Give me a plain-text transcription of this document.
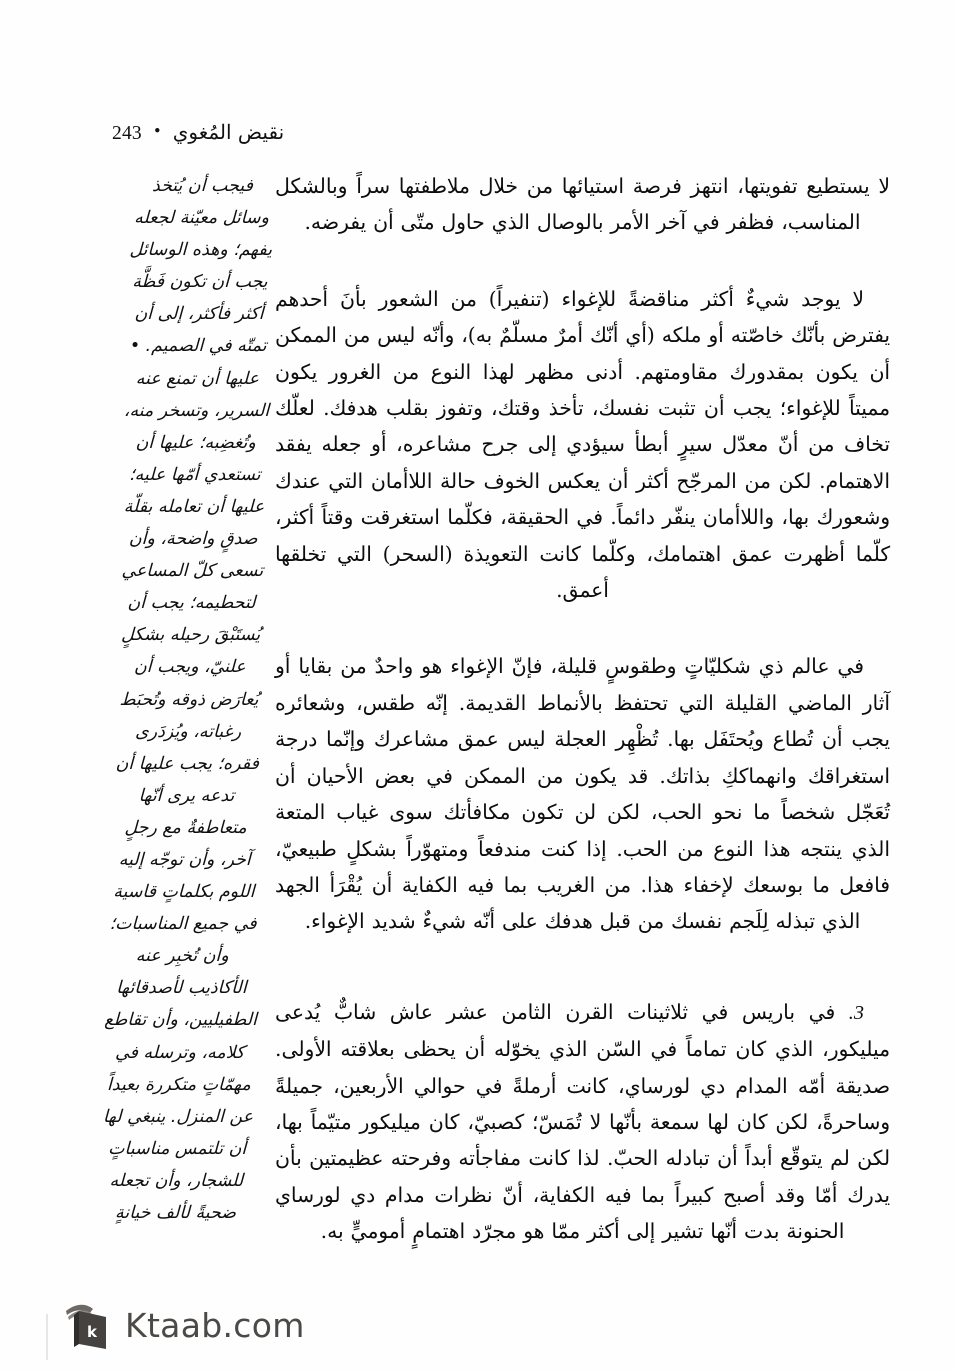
243 • نقيض المُغوي

لا يستطيع تفويتها، انتهز فرصة استيائها من خلال ملاطفتها سراً وبالشكل المناسب، فظفر في آخر الأمر بالوصال الذي حاول متّى أن يفرضه.

لا يوجد شيءٌ أكثر مناقضةً للإغواء (تنفيراً) من الشعور بأنَ أحدهم يفترض بأنّك خاصّته أو ملكه (أي أنّك أمرٌ مسلّمٌ به)، وأنّه ليس من الممكن أن يكون بمقدورك مقاومتهم. أدنى مظهر لهذا النوع من الغرور يكون مميتاً للإغواء؛ يجب أن تثبت نفسك، تأخذ وقتك، وتفوز بقلب هدفك. لعلّك تخاف من أنّ معدّل سيرٍ أبطأ سيؤدي إلى جرح مشاعره، أو جعله يفقد الاهتمام. لكن من المرجّح أكثر أن يعكس الخوف حالة اللاأمان التي عندك وشعورك بها، واللاأمان ينفّر دائماً. في الحقيقة، فكلّما استغرقت وقتاً أكثر، كلّما أظهرت عمق اهتمامك، وكلّما كانت التعويذة (السحر) التي تخلقها أعمق.

في عالم ذي شكليّاتٍ وطقوسٍ قليلة، فإنّ الإغواء هو واحدٌ من بقايا أو آثار الماضي القليلة التي تحتفظ بالأنماط القديمة. إنّه طقس، وشعائره يجب أن تُطاع ويُحتَفَل بها. تُظْهِر العجلة ليس عمق مشاعرك وإنّما درجة استغراقك وانهماككِ بذاتك. قد يكون من الممكن في بعض الأحيان أن تُعَجّل شخصاً ما نحو الحب، لكن لن تكون مكافأتك سوى غياب المتعة الذي ينتجه هذا النوع من الحب. إذا كنت مندفعاً ومتهوّراً بشكلٍ طبيعيّ، فافعل ما بوسعك لإخفاء هذا. من الغريب بما فيه الكفاية أن يُقْرَأ الجهد الذي تبذله لِلَجم نفسك من قبل هدفك على أنّه شيءٌ شديد الإغواء.

3. في باريس في ثلاثينات القرن الثامن عشر عاش شابٌّ يُدعى ميليكور، الذي كان تماماً في السّن الذي يخوّله أن يحظى بعلاقته الأولى. صديقة أمّه المدام دي لورساي، كانت أرملةً في حوالي الأربعين، جميلةً وساحرةً، لكن كان لها سمعة بأنّها لا تُمَسّ؛ كصبيّ، كان ميليكور متيّماً بها، لكن لم يتوقّع أبداً أن تبادله الحبّ. لذا كانت مفاجأته وفرحته عظيمتين بأن يدرك أمّا وقد أصبح كبيراً بما فيه الكفاية، أنّ نظرات مدام دي لورساي الحنونة بدت أنّها تشير إلى أكثر ممّا هو مجرّد اهتمامٍ أموميٍّ به.

فيجب أن يُتخذ
وسائل معيّنة لجعله
يفهم؛ وهذه الوسائل
يجب أن تكون فَظَّة
أكثر فأكثر، إلى أن
تمتّه في الصميم. •
عليها أن تمنع عنه
السرير، وتسخر منه،
وتُغضِبه؛ عليها أن
تستعدي أمّها عليه؛
عليها أن تعامله بقلّة
صدقٍ واضحة، وأن
تسعى كلّ المساعي
لتحطيمه؛ يجب أن
يُستَبْقَ رحيله بشكلٍ
علنيّ، ويجب أن
يُعارَض ذوقه وتُحبَط
رغباته، ويُزدَرى
فقره؛ يجب عليها أن
تدعه يرى أنّها
متعاطفةٌ مع رجلٍ
آخر، وأن توجّه إليه
اللوم بكلماتٍ قاسية
في جميع المناسبات؛
وأن تُخبِر عنه
الأكاذيب لأصدقائها
الطفيليين، وأن تقاطع
كلامه، وترسله في
مهمّاتٍ متكررة بعيداً
عن المنزل. ينبغي لها
أن تلتمس مناسباتٍ
للشجار، وأن تجعله
ضحيةً لألف خيانةٍ
k Ktaab.com
